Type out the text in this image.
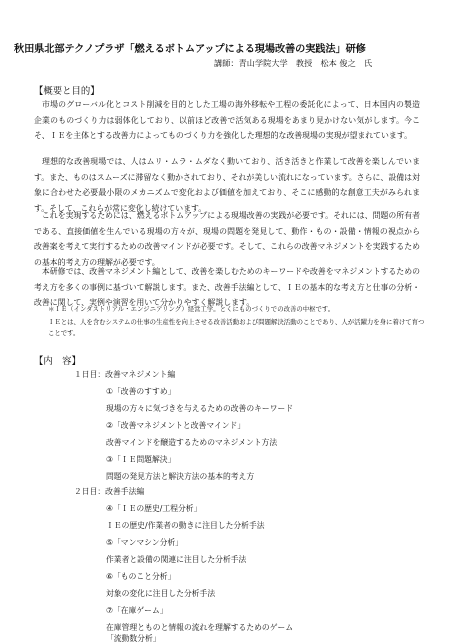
秋田県北部テクノプラザ「燃えるボトムアップによる現場改善の実践法」研修
講師：青山学院大学　教授　松本 俊之　氏
【概要と目的】

　市場のグローバル化とコスト削減を目的とした工場の海外移転や工程の委託化によって、日本国内の製造企業のものづくり力は弱体化しており、以前ほど改善で活気ある現場をあまり見かけない気がします。今こそ、ＩＥを主体とする改善力によってものづくり力を強化した理想的な改善現場の実現が望まれています。

　理想的な改善現場では、人はムリ・ムラ・ムダなく動いており、活き活きと作業して改善を楽しんでいます。また、ものはスムーズに滞留なく動かされており、それが美しい流れになっています。さらに、設備は対象に合わせた必要最小限のメカニズムで変化および価値を加えており、そこに感動的な創意工夫がみられます。そして、これらが常に変化し続けています。

　これを実現するためには、燃えるボトムアップによる現場改善の実践が必要です。それには、問題の所有者である、直接価値を生んでいる現場の方々が、現場の問題を発見して、動作・もの・設備・情報の視点から改善案を考えて実行するための改善マインドが必要です。そして、これらの改善マネジメントを実践するための基本的考え方の理解が必要です。

　本研修では、改善マネジメント編として、改善を楽しむためのキーワードや改善をマネジメントするための考え方を多くの事例に基づいて解説します。また、改善手法編として、ＩＥの基本的な考え方と仕事の分析・改善に関して、実例や演習を用いて分かりやすく解説します。

＊ＩＥ（インダストリアル・エンジニアリング）経営工学。とくにものづくりでの改善の中枢です。

ＩＥとは、人を含むシステムの仕事の生産性を向上させる改善活動および問題解決活動のことであり、人が活躍力を身に着けて育つことです。

【内　容】
１日目：改善マネジメント編
①「改善のすすめ」
現場の方々に気づきを与えるための改善のキーワード
②「改善マネジメントと改善マインド」
改善マインドを醸造するためのマネジメント方法
③「ＩＥ問題解決」
問題の発見方法と解決方法の基本的考え方
２日目：改善手法編
④「ＩＥの歴史/工程分析」
ＩＥの歴史/作業者の動きに注目した分析手法
⑤「マンマシン分析」
作業者と設備の関連に注目した分析手法
⑥「ものこと分析」
対象の変化に注目した分析手法
⑦「在庫ゲーム」
在庫管理とものと情報の流れを理解するためのゲーム
「流動数分析」
